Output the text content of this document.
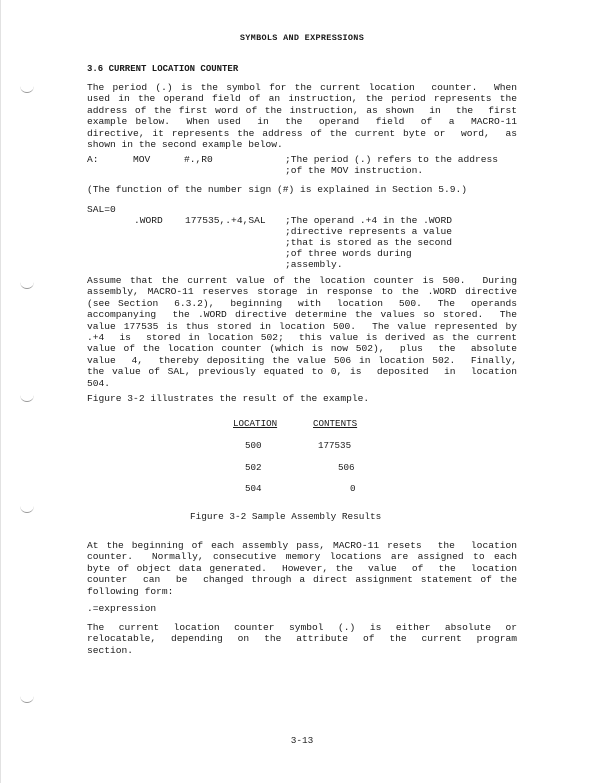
SYMBOLS AND EXPRESSIONS
3.6 CURRENT LOCATION COUNTER
The period (.) is the symbol for the current location  counter.  When
used in the operand field of an instruction, the period represents the
address of the first word of the instruction, as shown  in  the  first
example below.  When used  in  the  operand  field  of  a  MACRO-11
directive, it represents the address of the current byte or  word,  as
shown in the second example below.
A:	MOV	#.,R0	;The period (.) refers to the address
;of the MOV instruction.
(The function of the number sign (#) is explained in Section 5.9.)
SAL=0
.WORD 177535,.+4,SAL ;The operand .+4 in the .WORD
;directive represents a value
;that is stored as the second
;of three words during
;assembly.
Assume that the current value of the location counter is 500.  During
assembly, MACRO-11 reserves storage in response to the .WORD directive
(see Section  6.3.2),  beginning  with  location  500.  The  operands
accompanying  the .WORD directive determine the values so stored.  The
value 177535 is thus stored in location 500.  The value represented by
.+4  is  stored in location 502;  this value is derived as the current
value of the location counter (which is now 502),  plus  the  absolute
value  4,  thereby depositing the value 506 in location 502.  Finally,
the value of SAL, previously equated to 0, is  deposited  in  location
504.
Figure 3-2 illustrates the result of the example.
LOCATION	CONTENTS
500	177535
502	506
504	0
Figure 3-2 Sample Assembly Results
At the beginning of each assembly pass, MACRO-11 resets  the  location
counter.  Normally, consecutive memory locations are assigned to each
byte of object data generated.  However, the  value  of  the  location
counter  can  be  changed through a direct assignment statement of the
following form:
.=expression
The  current  location  counter  symbol  (.)  is  either  absolute  or
relocatable,  depending  on  the  attribute  of  the  current  program
section.
3-13
